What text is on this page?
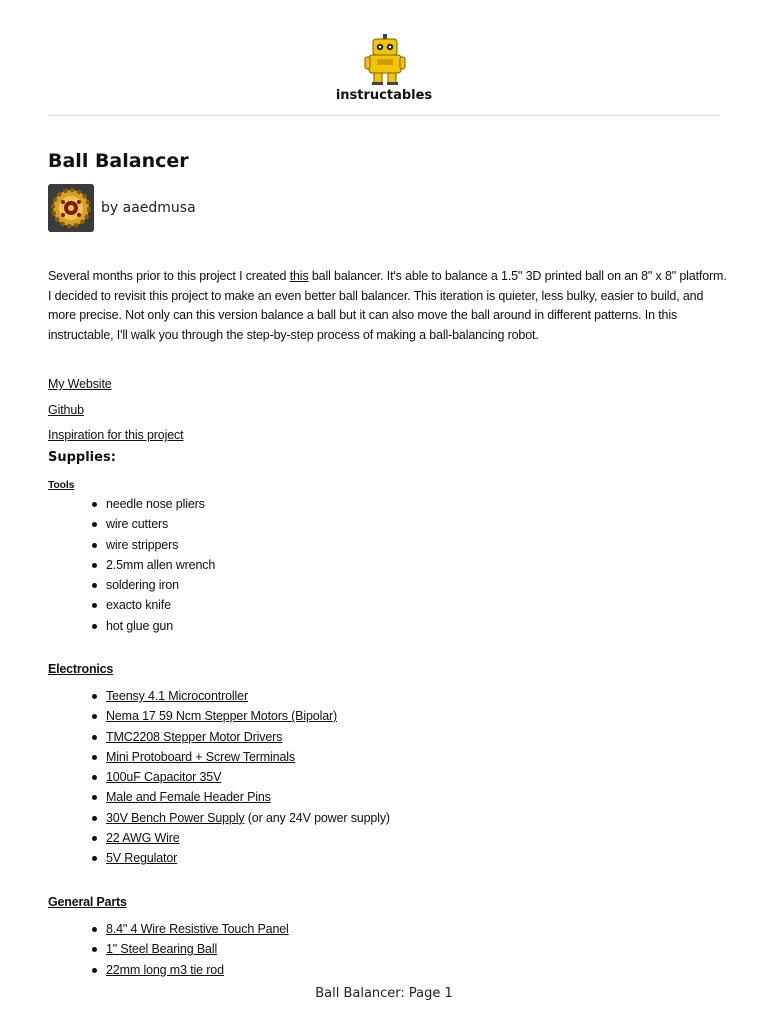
instructables
Ball Balancer
by aaedmusa

Several months prior to this project I created this ball balancer. It's able to balance a 1.5" 3D printed ball on an 8" x 8" platform. I decided to revisit this project to make an even better ball balancer. This iteration is quieter, less bulky, easier to build, and more precise. Not only can this version balance a ball but it can also move the ball around in different patterns. In this instructable, I'll walk you through the step-by-step process of making a ball-balancing robot.

My Website
Github
Inspiration for this project
Supplies:
Tools
needle nose pliers
wire cutters
wire strippers
2.5mm allen wrench
soldering iron
exacto knife
hot glue gun
Electronics
Teensy 4.1 Microcontroller
Nema 17 59 Ncm Stepper Motors (Bipolar)
TMC2208 Stepper Motor Drivers
Mini Protoboard + Screw Terminals
100uF Capacitor 35V
Male and Female Header Pins
30V Bench Power Supply (or any 24V power supply)
22 AWG Wire
5V Regulator
General Parts
8.4" 4 Wire Resistive Touch Panel
1" Steel Bearing Ball
22mm long m3 tie rod
Ball Balancer: Page 1
